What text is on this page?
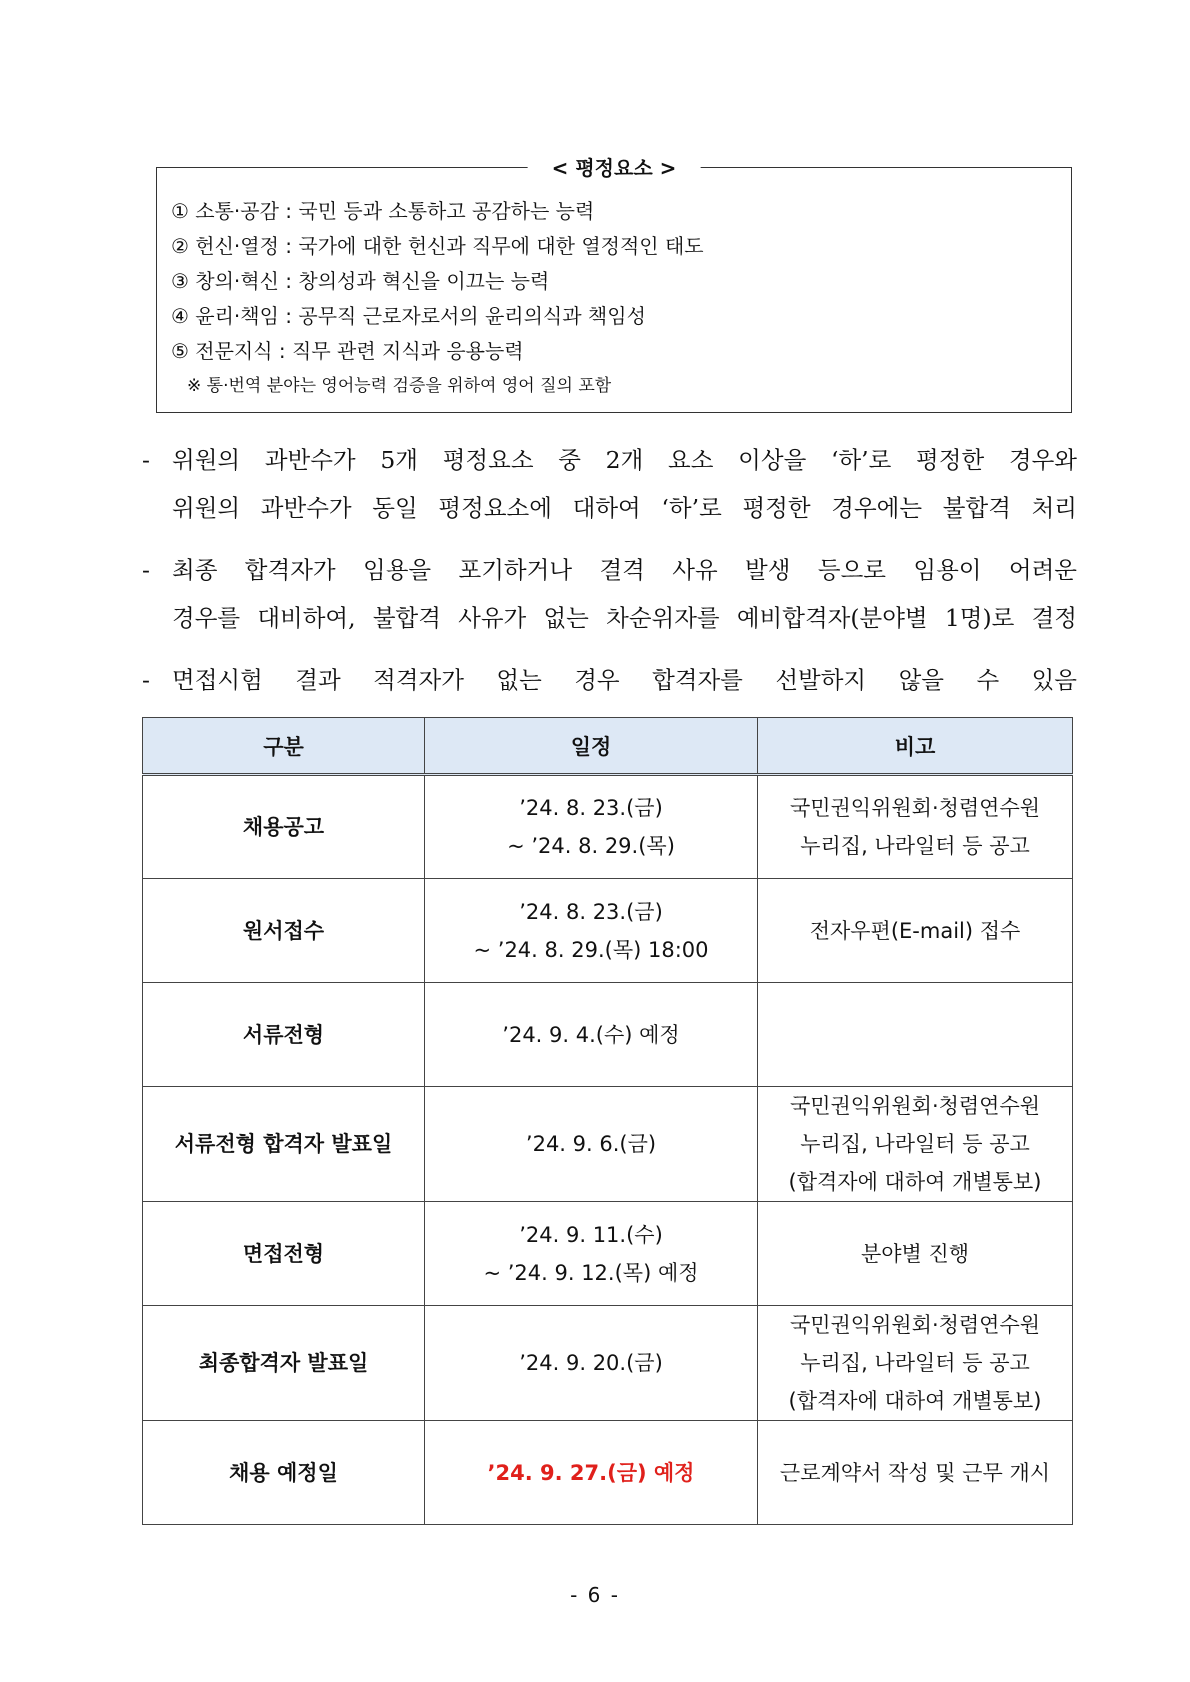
< 평정요소 >
① 소통·공감 : 국민 등과 소통하고 공감하는 능력
② 헌신·열정 : 국가에 대한 헌신과 직무에 대한 열정적인 태도
③ 창의·혁신 : 창의성과 혁신을 이끄는 능력
④ 윤리·책임 : 공무직 근로자로서의 윤리의식과 책임성
⑤ 전문지식 : 직무 관련 지식과 응용능력
※ 통·번역 분야는 영어능력 검증을 위하여 영어 질의 포함
- 위원의 과반수가 5개 평정요소 중 2개 요소 이상을 ‘하’로 평정한 경우와
위원의 과반수가 동일 평정요소에 대하여 ‘하’로 평정한 경우에는 불합격 처리
- 최종 합격자가 임용을 포기하거나 결격 사유 발생 등으로 임용이 어려운
경우를 대비하여, 불합격 사유가 없는 차순위자를 예비합격자(분야별 1명)로 결정
- 면접시험 결과 적격자가 없는 경우 합격자를 선발하지 않을 수 있음
구분	일정	비고
채용공고	’24. 8. 23.(금)
~ ’24. 8. 29.(목)	국민권익위원회·청렴연수원
누리집, 나라일터 등 공고

원서접수	’24. 8. 23.(금)
~ ’24. 8. 29.(목) 18:00	전자우편(E-mail) 접수

서류전형	’24. 9. 4.(수) 예정	

서류전형 합격자 발표일	’24. 9. 6.(금)	국민권익위원회·청렴연수원
누리집, 나라일터 등 공고
(합격자에 대하여 개별통보)

면접전형	’24. 9. 11.(수)
~ ’24. 9. 12.(목) 예정	분야별 진행

최종합격자 발표일	’24. 9. 20.(금)	국민권익위원회·청렴연수원
누리집, 나라일터 등 공고
(합격자에 대하여 개별통보)

채용 예정일	’24. 9. 27.(금) 예정	근로계약서 작성 및 근무 개시
- 6 -
